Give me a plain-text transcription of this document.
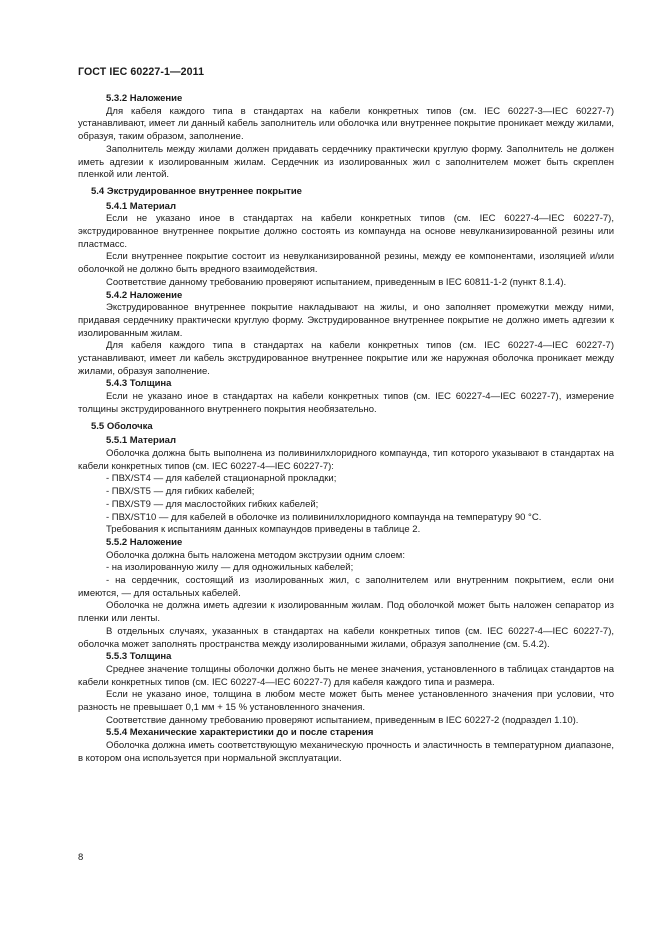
ГОСТ IEC 60227-1—2011

5.3.2 Наложение

Для кабеля каждого типа в стандартах на кабели конкретных типов (см. IEC 60227-3—IEC 60227-7) устанавливают, имеет ли данный кабель заполнитель или оболочка или внутреннее покрытие проникает между жилами, образуя, таким образом, заполнение.

Заполнитель между жилами должен придавать сердечнику практически круглую форму. Заполнитель не должен иметь адгезии к изолированным жилам. Сердечник из изолированных жил с заполнителем может быть скреплен пленкой или лентой.

5.4 Экструдированное внутреннее покрытие

5.4.1 Материал

Если не указано иное в стандартах на кабели конкретных типов (см. IEC 60227-4—IEC 60227-7), экструдированное внутреннее покрытие должно состоять из компаунда на основе невулканизированной резины или пластмасс.

Если внутреннее покрытие состоит из невулканизированной резины, между ее компонентами, изоляцией и/или оболочкой не должно быть вредного взаимодействия.

Соответствие данному требованию проверяют испытанием, приведенным в IEC 60811-1-2 (пункт 8.1.4).

5.4.2 Наложение

Экструдированное внутреннее покрытие накладывают на жилы, и оно заполняет промежутки между ними, придавая сердечнику практически круглую форму. Экструдированное внутреннее покрытие не должно иметь адгезии к изолированным жилам.

Для кабеля каждого типа в стандартах на кабели конкретных типов (см. IEC 60227-4—IEC 60227-7) устанавливают, имеет ли кабель экструдированное внутреннее покрытие или же наружная оболочка проникает между жилами, образуя заполнение.

5.4.3 Толщина

Если не указано иное в стандартах на кабели конкретных типов (см. IEC 60227-4—IEC 60227-7), измерение толщины экструдированного внутреннего покрытия необязательно.

5.5 Оболочка

5.5.1 Материал

Оболочка должна быть выполнена из поливинилхлоридного компаунда, тип которого указывают в стандартах на кабели конкретных типов (см. IEC 60227-4—IEC 60227-7):

- ПВХ/ST4 — для кабелей стационарной прокладки;

- ПВХ/ST5 — для гибких кабелей;

- ПВХ/ST9 — для маслостойких гибких кабелей;

- ПВХ/ST10 — для кабелей в оболочке из поливинилхлоридного компаунда на температуру 90 °С.

Требования к испытаниям данных компаундов приведены в таблице 2.

5.5.2 Наложение

Оболочка должна быть наложена методом экструзии одним слоем:

- на изолированную жилу — для одножильных кабелей;

- на сердечник, состоящий из изолированных жил, с заполнителем или внутренним покрытием, если они имеются, — для остальных кабелей.

Оболочка не должна иметь адгезии к изолированным жилам. Под оболочкой может быть наложен сепаратор из пленки или ленты.

В отдельных случаях, указанных в стандартах на кабели конкретных типов (см. IEC 60227-4—IEC 60227-7), оболочка может заполнять пространства между изолированными жилами, образуя заполнение (см. 5.4.2).

5.5.3 Толщина

Среднее значение толщины оболочки должно быть не менее значения, установленного в таблицах стандартов на кабели конкретных типов (см. IEC 60227-4—IEC 60227-7) для кабеля каждого типа и размера.

Если не указано иное, толщина в любом месте может быть менее установленного значения при условии, что разность не превышает 0,1 мм + 15 % установленного значения.

Соответствие данному требованию проверяют испытанием, приведенным в IEC 60227-2 (подраздел 1.10).

5.5.4 Механические характеристики до и после старения

Оболочка должна иметь соответствующую механическую прочность и эластичность в температурном диапазоне, в котором она используется при нормальной эксплуатации.

8
